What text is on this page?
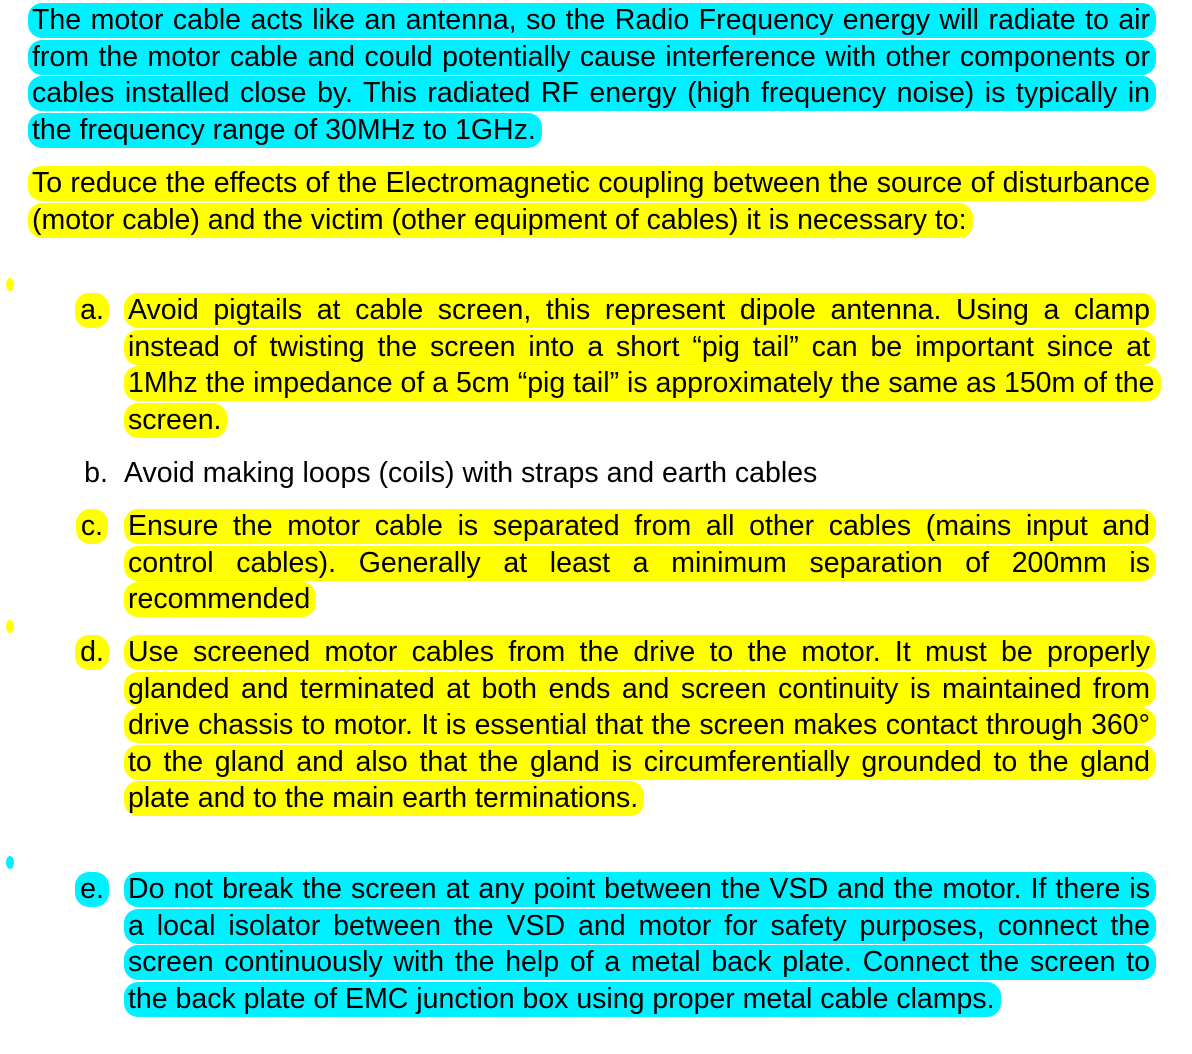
The motor cable acts like an antenna, so the Radio Frequency energy will radiate to air from the motor cable and could potentially cause interference with other components or cables installed close by. This radiated RF energy (high frequency noise) is typically in the frequency range of 30MHz to 1GHz.

To reduce the effects of the Electromagnetic coupling between the source of disturbance (motor cable) and the victim (other equipment of cables) it is necessary to:

a. Avoid pigtails at cable screen, this represent dipole antenna. Using a clamp instead of twisting the screen into a short “pig tail” can be important since at 1Mhz the impedance of a 5cm “pig tail” is approximately the same as 150m of the screen.
b. Avoid making loops (coils) with straps and earth cables
c. Ensure the motor cable is separated from all other cables (mains input and control cables). Generally at least a minimum separation of 200mm is recommended
d. Use screened motor cables from the drive to the motor. It must be properly glanded and terminated at both ends and screen continuity is maintained from drive chassis to motor. It is essential that the screen makes contact through 360° to the gland and also that the gland is circumferentially grounded to the gland plate and to the main earth terminations.
e. Do not break the screen at any point between the VSD and the motor. If there is a local isolator between the VSD and motor for safety purposes, connect the screen continuously with the help of a metal back plate. Connect the screen to the back plate of EMC junction box using proper metal cable clamps.
